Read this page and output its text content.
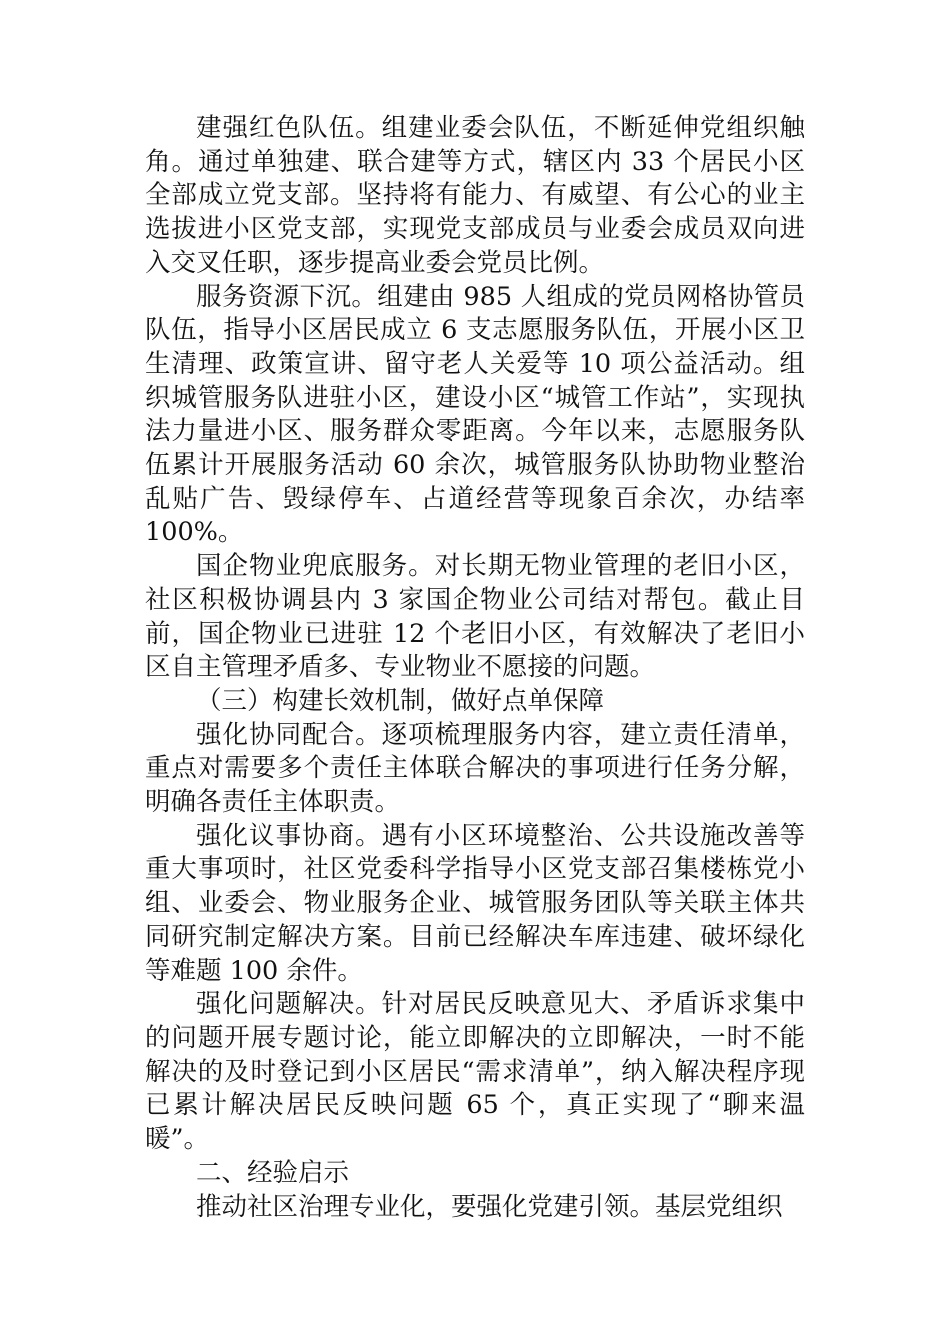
建强红色队伍。组建业委会队伍，不断延伸党组织触角。通过单独建、联合建等方式，辖区内 33 个居民小区全部成立党支部。坚持将有能力、有威望、有公心的业主选拔进小区党支部，实现党支部成员与业委会成员双向进入交叉任职，逐步提高业委会党员比例。

服务资源下沉。组建由 985 人组成的党员网格协管员队伍，指导小区居民成立 6 支志愿服务队伍，开展小区卫生清理、政策宣讲、留守老人关爱等 10 项公益活动。组织城管服务队进驻小区，建设小区“城管工作站”，实现执法力量进小区、服务群众零距离。今年以来，志愿服务队伍累计开展服务活动 60 余次，城管服务队协助物业整治乱贴广告、毁绿停车、占道经营等现象百余次，办结率 100%。

国企物业兜底服务。对长期无物业管理的老旧小区，社区积极协调县内 3 家国企物业公司结对帮包。截止目前，国企物业已进驻 12 个老旧小区，有效解决了老旧小区自主管理矛盾多、专业物业不愿接的问题。

（三）构建长效机制，做好点单保障

强化协同配合。逐项梳理服务内容，建立责任清单，重点对需要多个责任主体联合解决的事项进行任务分解，明确各责任主体职责。

强化议事协商。遇有小区环境整治、公共设施改善等重大事项时，社区党委科学指导小区党支部召集楼栋党小组、业委会、物业服务企业、城管服务团队等关联主体共同研究制定解决方案。目前已经解决车库违建、破坏绿化等难题 100 余件。

强化问题解决。针对居民反映意见大、矛盾诉求集中的问题开展专题讨论，能立即解决的立即解决，一时不能解决的及时登记到小区居民“需求清单”，纳入解决程序现已累计解决居民反映问题 65 个，真正实现了“聊来温暖”。

二、经验启示

推动社区治理专业化，要强化党建引领。基层党组织
